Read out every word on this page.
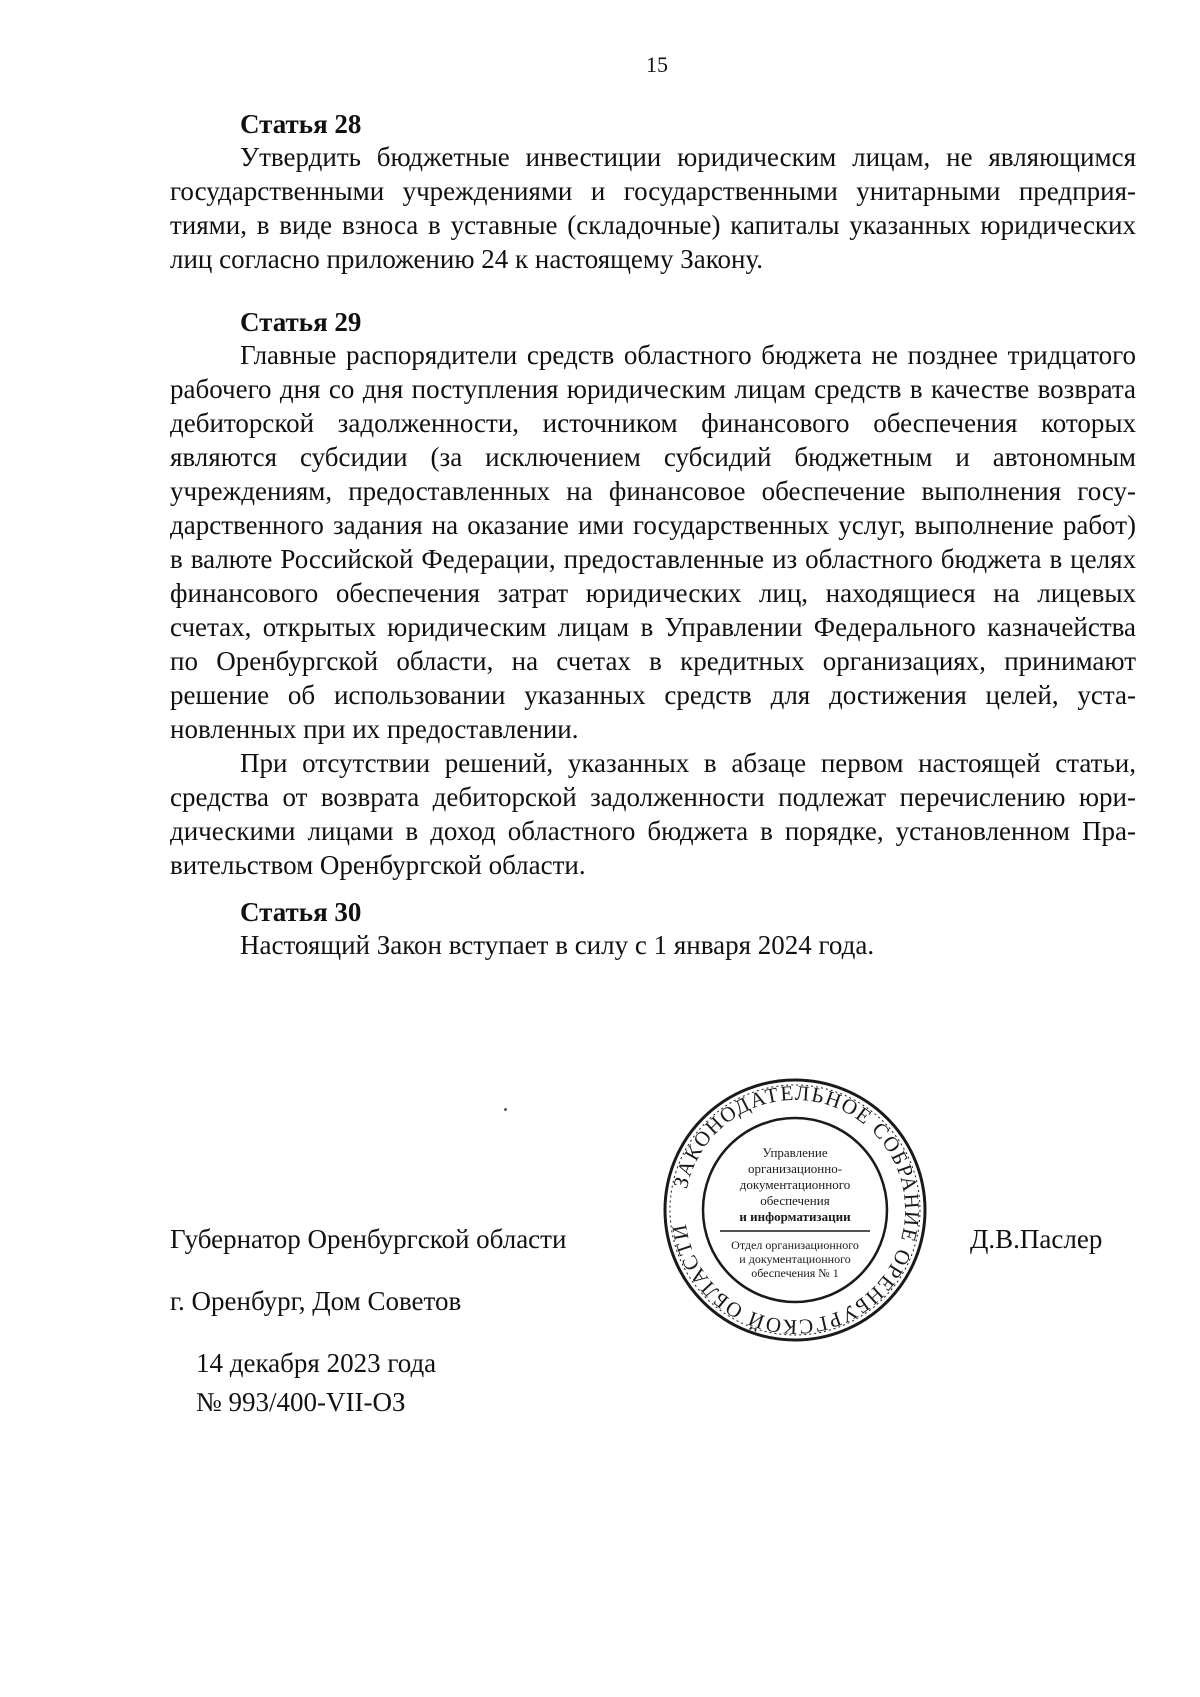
15

Статья 28

Утвердить бюджетные инвестиции юридическим лицам, не являющимся государственными учреждениями и государственными унитарными предприятиями, в виде взноса в уставные (складочные) капиталы указанных юридических лиц согласно приложению 24 к настоящему Закону.

Статья 29

Главные распорядители средств областного бюджета не позднее тридцатого рабочего дня со дня поступления юридическим лицам средств в качестве возврата дебиторской задолженности, источником финансового обеспечения которых являются субсидии (за исключением субсидий бюджетным и автономным учреждениям, предоставленных на финансовое обеспечение выполнения государственного задания на оказание ими государственных услуг, выполнение работ) в валюте Российской Федерации, предоставленные из областного бюджета в целях финансового обеспечения затрат юридических лиц, находящиеся на лицевых счетах, открытых юридическим лицам в Управлении Федерального казначейства по Оренбургской области, на счетах в кредитных организациях, принимают решение об использовании указанных средств для достижения целей, установленных при их предоставлении.

При отсутствии решений, указанных в абзаце первом настоящей статьи, средства от возврата дебиторской задолженности подлежат перечислению юридическими лицами в доход областного бюджета в порядке, установленном Правительством Оренбургской области.

Статья 30

Настоящий Закон вступает в силу с 1 января 2024 года.

Губернатор Оренбургской области	Д.В.Паслер
г. Оренбург, Дом Советов
14 декабря 2023 года
№ 993/400-VII-ОЗ
ЗАКОНОДАТЕЛЬНОЕ СОБРАНИЕ ОРЕНБУРГСКОЙ ОБЛАСТИ
Управление
организационно-
документационного
обеспечения
и информатизации
Отдел организационного
и документационного
обеспечения № 1
